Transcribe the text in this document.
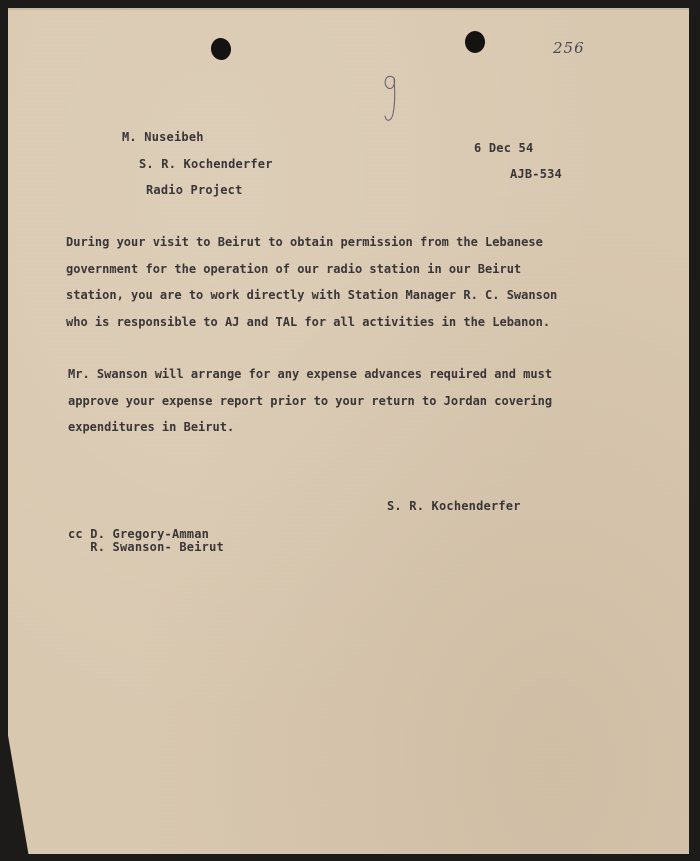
256

M. Nuseibeh

S. R. Kochenderfer

Radio Project

6 Dec 54

AJB-534

During your visit to Beirut to obtain permission from the Lebanese
government for the operation of our radio station in our Beirut
station, you are to work directly with Station Manager R. C. Swanson
who is responsible to AJ and TAL for all activities in the Lebanon.
Mr. Swanson will arrange for any expense advances required and must
approve your expense report prior to your return to Jordan covering
expenditures in Beirut.

S. R. Kochenderfer

cc D. Gregory-Amman

R. Swanson- Beirut
